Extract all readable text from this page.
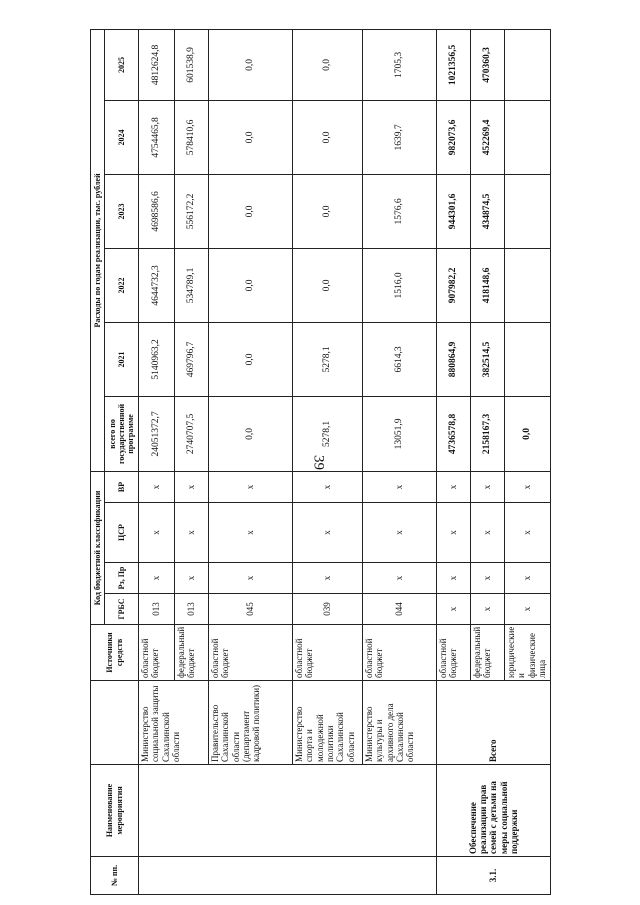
39
№ пп.	Наименование мероприятия		Источники средств	Код бюджетной классификации				Расходы по годам реализации, тыс. рублей					
				ГРБС	Рз, Пр	ЦСР	ВР	всего по государственной программе	2021	2022	2023	2024	2025
		Министерство социальной защиты Сахалинской области	областной бюджет	013	x	x	x	24051372,7	5140963,2	4644732,3	4698586,6	4754465,8	4812624,8
			федеральный бюджет	013	x	x	x	2740707,5	469796,7	534789,1	556172,2	578410,6	601538,9
		Правительство Сахалинской области (департамент кадровой политики)	областной бюджет	045	x	x	x	0,0	0,0	0,0	0,0	0,0	0,0
		Министерство спорта и молодежной политики Сахалинской области	областной бюджет	039	x	x	x	5278,1	5278,1	0,0	0,0	0,0	0,0
		Министерство культуры и архивного дела Сахалинской области	областной бюджет	044	x	x	x	13051,9	6614,3	1516,0	1576,6	1639,7	1705,3
3.1.	Обеспечение реализации прав семей с детьми на меры социальной поддержки	Всего	областной бюджет	x	x	x	x	4736578,8	880864,9	907982,2	944301,6	982073,6	1021356,5
			федеральный бюджет	x	x	x	x	2158167,3	382514,5	418148,6	434874,5	452269,4	470360,3
			юридические и физические лица	x	x	x	x	0,0					
